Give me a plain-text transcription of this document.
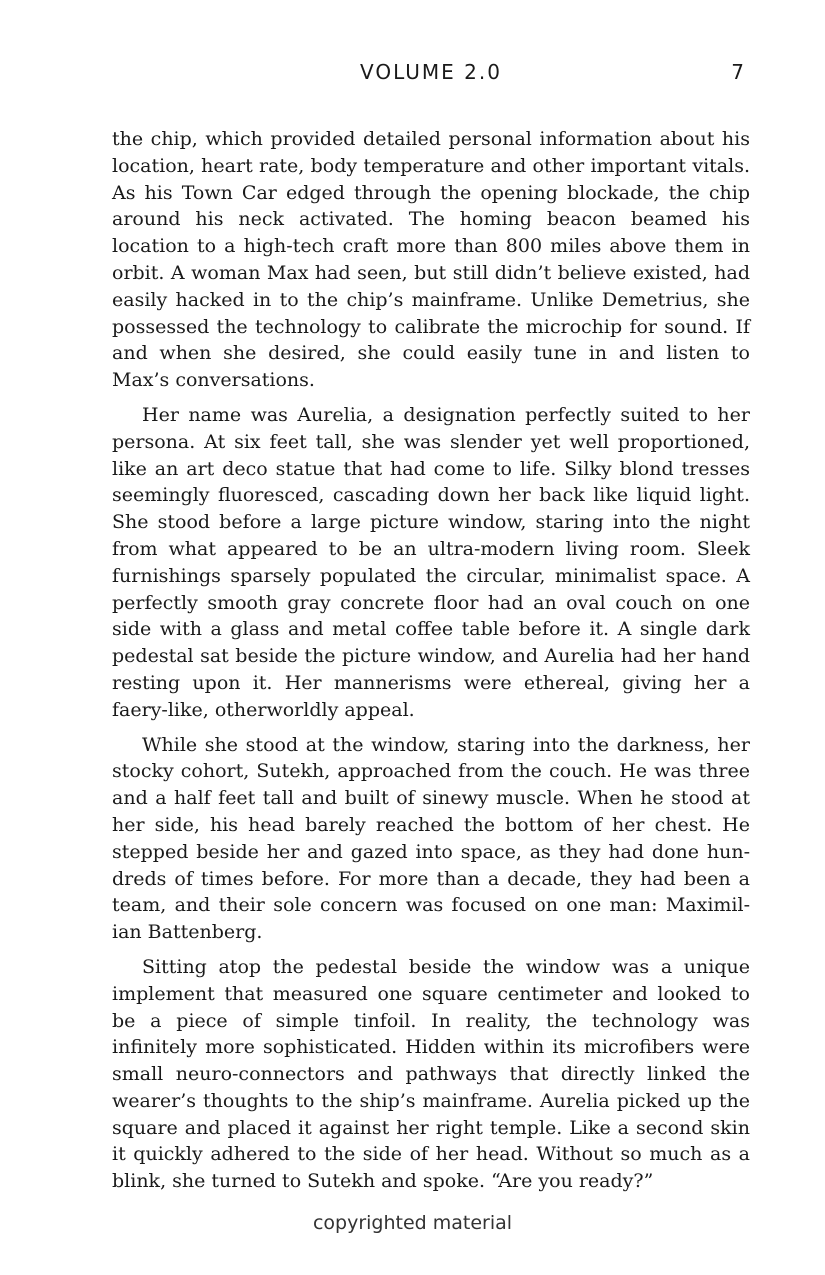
VOLUME 2.0	7

the chip, which provided detailed personal information about his location, heart rate, body temperature and other important vitals. As his Town Car edged through the opening blockade, the chip around his neck activated. The homing beacon beamed his location to a high-tech craft more than 800 miles above them in orbit. A woman Max had seen, but still didn’t believe existed, had easily hacked in to the chip’s mainframe. Unlike Demetrius, she possessed the technology to calibrate the microchip for sound. If and when she desired, she could easily tune in and listen to Max’s conversations.

Her name was Aurelia, a designation perfectly suited to her persona. At six feet tall, she was slender yet well proportioned, like an art deco statue that had come to life. Silky blond tresses seemingly fluoresced, cascading down her back like liquid light. She stood before a large picture window, staring into the night from what appeared to be an ultra-modern living room. Sleek furnishings sparsely populated the circular, minimalist space. A perfectly smooth gray concrete floor had an oval couch on one side with a glass and metal coffee table before it. A single dark pedestal sat beside the picture window, and Aurelia had her hand resting upon it. Her mannerisms were ethereal, giving her a faery-like, otherworldly appeal.

While she stood at the window, staring into the darkness, her stocky cohort, Sutekh, approached from the couch. He was three and a half feet tall and built of sinewy muscle. When he stood at her side, his head barely reached the bottom of her chest. He stepped beside her and gazed into space, as they had done hundreds of times before. For more than a decade, they had been a team, and their sole concern was focused on one man: Maximilian Battenberg.

Sitting atop the pedestal beside the window was a unique implement that measured one square centimeter and looked to be a piece of simple tinfoil. In reality, the technology was infinitely more sophisticated. Hidden within its microfibers were small neuro-connectors and pathways that directly linked the wearer’s thoughts to the ship’s mainframe. Aurelia picked up the square and placed it against her right temple. Like a second skin it quickly adhered to the side of her head. Without so much as a blink, she turned to Sutekh and spoke. “Are you ready?”

copyrighted material
